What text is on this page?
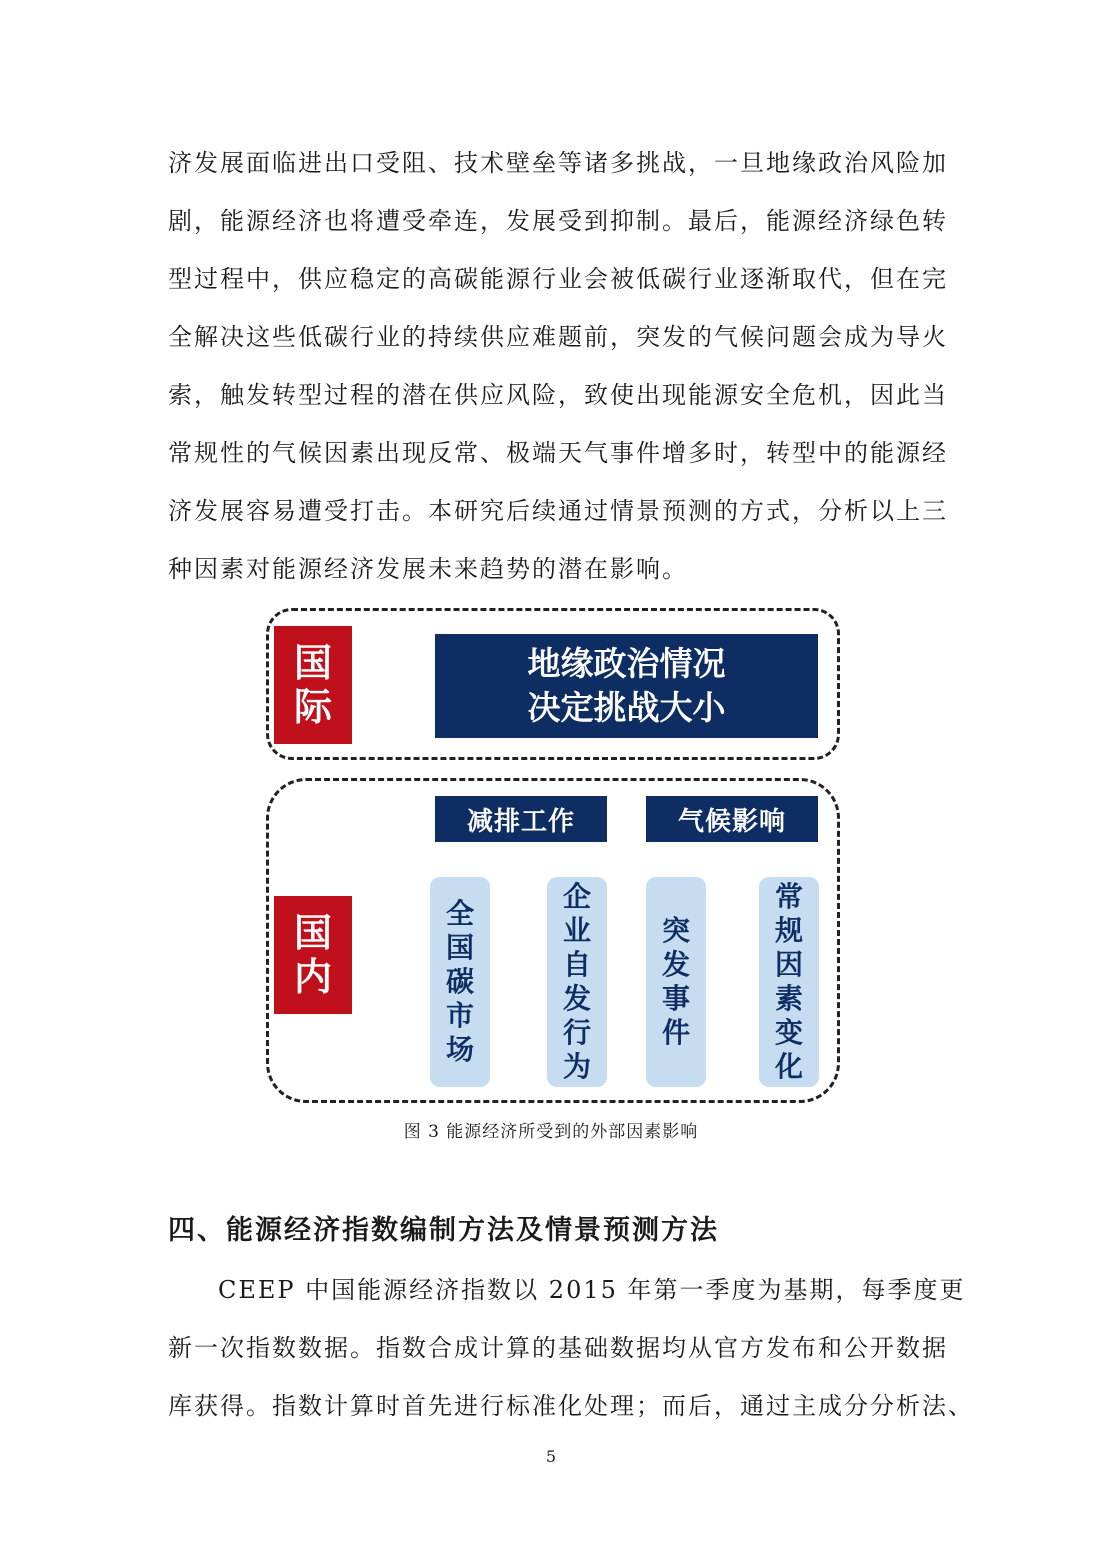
济发展面临进出口受阻、技术壁垒等诸多挑战，一旦地缘政治风险加
剧，能源经济也将遭受牵连，发展受到抑制。最后，能源经济绿色转
型过程中，供应稳定的高碳能源行业会被低碳行业逐渐取代，但在完
全解决这些低碳行业的持续供应难题前，突发的气候问题会成为导火
索，触发转型过程的潜在供应风险，致使出现能源安全危机，因此当
常规性的气候因素出现反常、极端天气事件增多时，转型中的能源经
济发展容易遭受打击。本研究后续通过情景预测的方式，分析以上三
种因素对能源经济发展未来趋势的潜在影响。
国
际
地缘政治情况
决定挑战大小
减排工作	气候影响
国
内
全
国
碳
市
场
企
业
自
发
行
为
突
发
事
件
常
规
因
素
变
化
图 3 能源经济所受到的外部因素影响
四、能源经济指数编制方法及情景预测方法
CEEP 中国能源经济指数以 2015 年第一季度为基期，每季度更
新一次指数数据。指数合成计算的基础数据均从官方发布和公开数据
库获得。指数计算时首先进行标准化处理；而后，通过主成分分析法、
5
